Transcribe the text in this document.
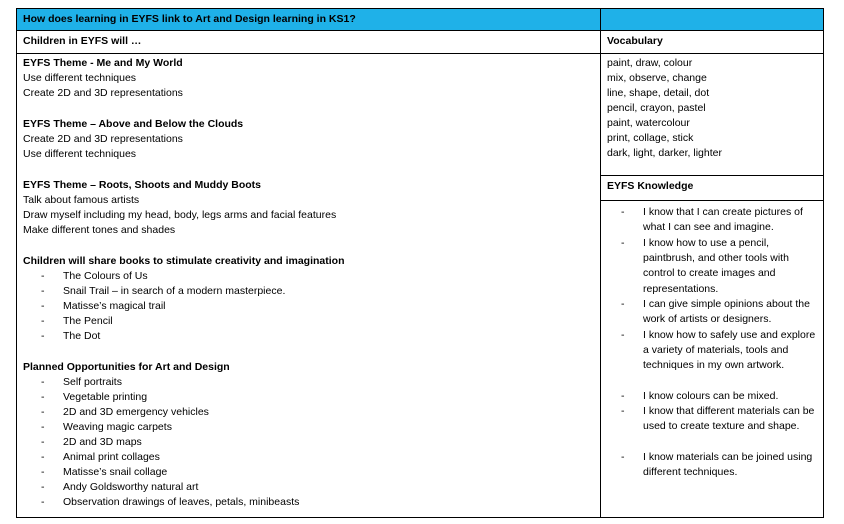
How does learning in EYFS link to Art and Design learning in KS1?
Children in EYFS will …	Vocabulary
EYFS Theme - Me and My World
Use different techniques
Create 2D and 3D representations
EYFS Theme – Above and Below the Clouds
Create 2D and 3D representations
Use different techniques
EYFS Theme – Roots, Shoots and Muddy Boots
Talk about famous artists
Draw myself including my head, body, legs arms and facial features
Make different tones and shades
Children will share books to stimulate creativity and imagination
- The Colours of Us
- Snail Trail – in search of a modern masterpiece.
- Matisse’s magical trail
- The Pencil
- The Dot
Planned Opportunities for Art and Design
- Self portraits
- Vegetable printing
- 2D and 3D emergency vehicles
- Weaving magic carpets
- 2D and 3D maps
- Animal print collages
- Matisse’s snail collage
- Andy Goldsworthy natural art
- Observation drawings of leaves, petals, minibeasts
paint, draw, colour
mix, observe, change
line, shape, detail, dot
pencil, crayon, pastel
paint, watercolour
print, collage, stick
dark, light, darker, lighter
EYFS Knowledge
- I know that I can create pictures of what I can see and imagine.
- I know how to use a pencil, paintbrush, and other tools with control to create images and representations.
- I can give simple opinions about the work of artists or designers.
- I know how to safely use and explore a variety of materials, tools and techniques in my own artwork.
- I know colours can be mixed.
- I know that different materials can be used to create texture and shape.
- I know materials can be joined using different techniques.
